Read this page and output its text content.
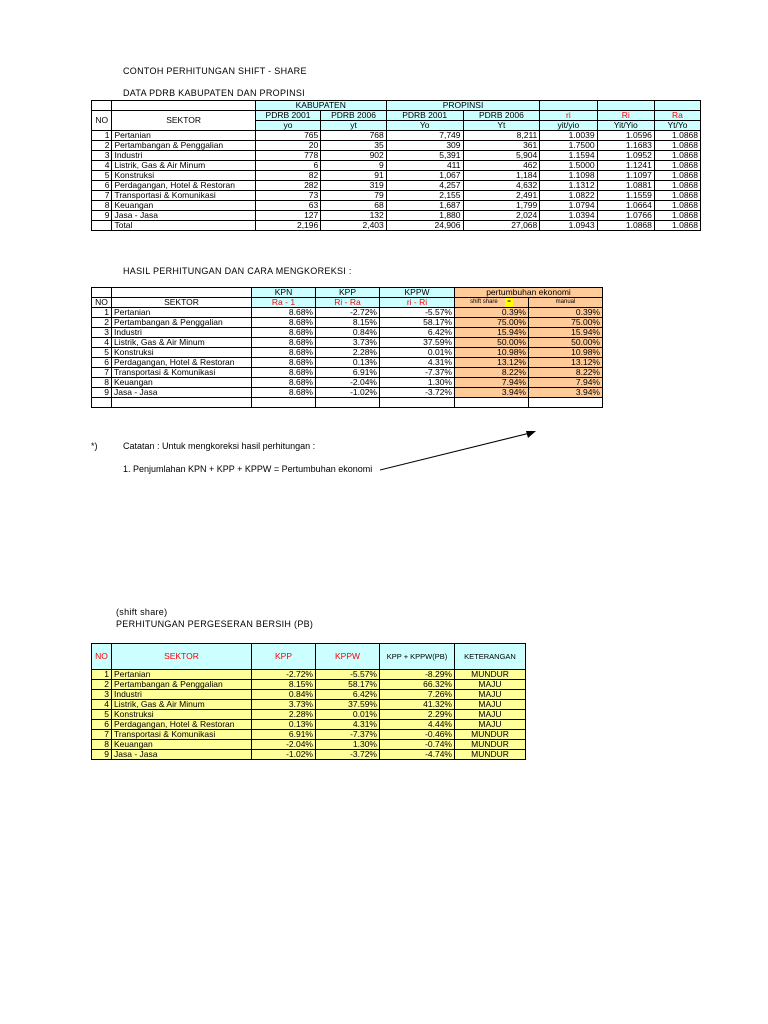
CONTOH PERHITUNGAN SHIFT - SHARE
DATA PDRB KABUPATEN DAN PROPINSI
		KABUPATEN		PROPINSI				
NO	SEKTOR	PDRB 2001	PDRB 2006	PDRB 2001	PDRB 2006	ri	Ri	Ra
		yo	yt	Yo	Yt	yit/yio	Yit/Yio	Yt/Yo
1	Pertanian	765	768	7,749	8,211	1.0039	1.0596	1.0868
2	Pertambangan & Penggalian	20	35	309	361	1.7500	1.1683	1.0868
3	Industri	778	902	5,391	5,904	1.1594	1.0952	1.0868
4	Listrik, Gas & Air Minum	6	9	411	462	1.5000	1.1241	1.0868
5	Konstruksi	82	91	1,067	1,184	1.1098	1.1097	1.0868
6	Perdagangan, Hotel & Restoran	282	319	4,257	4,632	1.1312	1.0881	1.0868
7	Transportasi & Komunikasi	73	79	2,155	2,491	1.0822	1.1559	1.0868
8	Keuangan	63	68	1,687	1,799	1.0794	1.0664	1.0868
9	Jasa - Jasa	127	132	1,880	2,024	1.0394	1.0766	1.0868
	Total	2,196	2,403	24,906	27,068	1.0943	1.0868	1.0868
HASIL PERHITUNGAN DAN CARA MENGKOREKSI :
		KPN	KPP	KPPW	pertumbuhan ekonomi	
NO	SEKTOR	Ra - 1	Ri - Ra	ri - Ri	shift share =	manual
1	Pertanian	8.68%	-2.72%	-5.57%	0.39%	0.39%
2	Pertambangan & Penggalian	8.68%	8.15%	58.17%	75.00%	75.00%
3	Industri	8.68%	0.84%	6.42%	15.94%	15.94%
4	Listrik, Gas & Air Minum	8.68%	3.73%	37.59%	50.00%	50.00%
5	Konstruksi	8.68%	2.28%	0.01%	10.98%	10.98%
6	Perdagangan, Hotel & Restoran	8.68%	0.13%	4.31%	13.12%	13.12%
7	Transportasi & Komunikasi	8.68%	6.91%	-7.37%	8.22%	8.22%
8	Keuangan	8.68%	-2.04%	1.30%	7.94%	7.94%
9	Jasa - Jasa	8.68%	-1.02%	-3.72%	3.94%	3.94%

*)	Catatan : Untuk mengkoreksi hasil perhitungan :
1. Penjumlahan KPN + KPP + KPPW = Pertumbuhan ekonomi
(shift share)
PERHITUNGAN PERGESERAN BERSIH (PB)
NO	SEKTOR	KPP	KPPW	KPP + KPPW(PB)	KETERANGAN
1	Pertanian	-2.72%	-5.57%	-8.29%	MUNDUR
2	Pertambangan & Penggalian	8.15%	58.17%	66.32%	MAJU
3	Industri	0.84%	6.42%	7.26%	MAJU
4	Listrik, Gas & Air Minum	3.73%	37.59%	41.32%	MAJU
5	Konstruksi	2.28%	0.01%	2.29%	MAJU
6	Perdagangan, Hotel & Restoran	0.13%	4.31%	4.44%	MAJU
7	Transportasi & Komunikasi	6.91%	-7.37%	-0.46%	MUNDUR
8	Keuangan	-2.04%	1.30%	-0.74%	MUNDUR
9	Jasa - Jasa	-1.02%	-3.72%	-4.74%	MUNDUR
